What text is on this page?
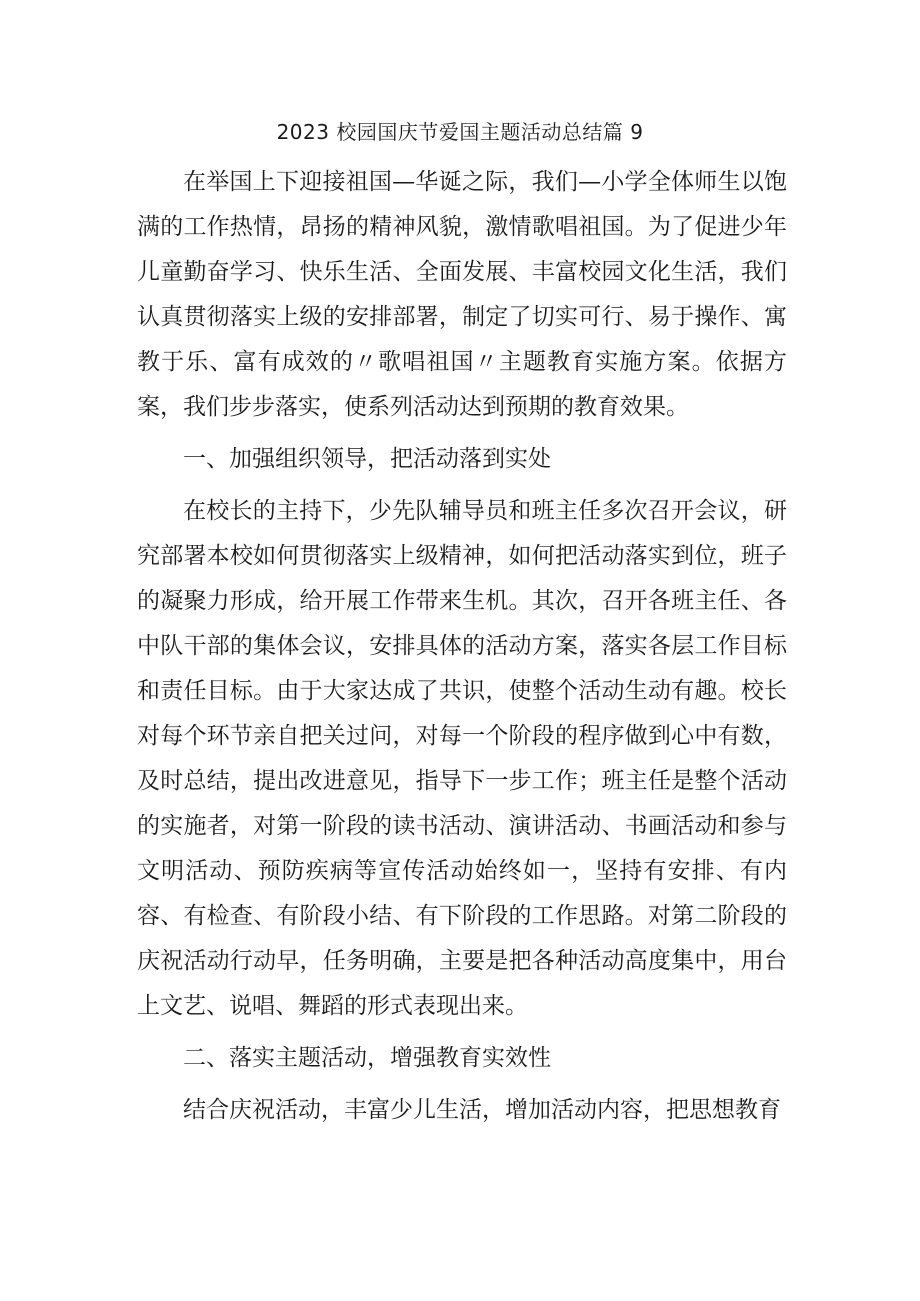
2023 校园国庆节爱国主题活动总结篇 9

在举国上下迎接祖国—华诞之际，我们—小学全体师生以饱满的工作热情，昂扬的精神风貌，激情歌唱祖国。为了促进少年儿童勤奋学习、快乐生活、全面发展、丰富校园文化生活，我们认真贯彻落实上级的安排部署，制定了切实可行、易于操作、寓教于乐、富有成效的〃歌唱祖国〃主题教育实施方案。依据方案，我们步步落实，使系列活动达到预期的教育效果。

一、加强组织领导，把活动落到实处

在校长的主持下，少先队辅导员和班主任多次召开会议，研究部署本校如何贯彻落实上级精神，如何把活动落实到位，班子的凝聚力形成，给开展工作带来生机。其次，召开各班主任、各中队干部的集体会议，安排具体的活动方案，落实各层工作目标和责任目标。由于大家达成了共识，使整个活动生动有趣。校长对每个环节亲自把关过问，对每一个阶段的程序做到心中有数，及时总结，提出改进意见，指导下一步工作；班主任是整个活动的实施者，对第一阶段的读书活动、演讲活动、书画活动和参与文明活动、预防疾病等宣传活动始终如一，坚持有安排、有内容、有检查、有阶段小结、有下阶段的工作思路。对第二阶段的庆祝活动行动早，任务明确，主要是把各种活动高度集中，用台上文艺、说唱、舞蹈的形式表现出来。

二、落实主题活动，增强教育实效性

结合庆祝活动，丰富少儿生活，增加活动内容，把思想教育
